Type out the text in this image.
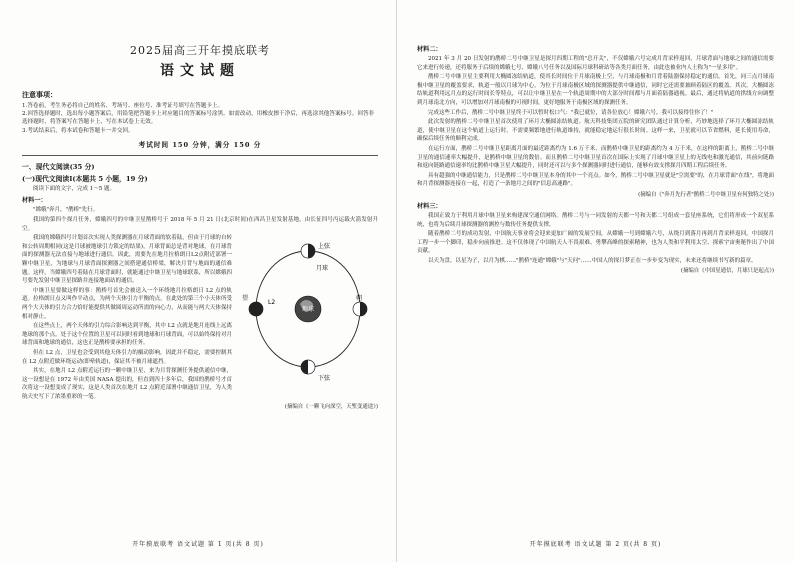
2025届高三开年摸底联考
语文试题
注意事项：

1.答卷前，考生务必将自己的姓名、考场号、座位号、准考证号填写在答题卡上。

2.回答选择题时，选出每小题答案后，用铅笔把答题卡上对应题目的答案标号涂黑。如需改动，用橡皮擦干净后，再选涂其他答案标号。回答非选择题时，将答案写在答题卡上，写在本试卷上无效。

3.考试结束后，将本试卷和答题卡一并交回。

考试时间 150 分钟，满分 150 分
一、现代文阅读(35 分)
(一)现代文阅读Ⅰ(本题共 5 小题，19 分)

阅读下面的文字，完成 1～5 题。

材料一：

"嫦娥"奔月，"鹊桥"先行。

我国的第四个探月任务，嫦娥四号的中继卫星鹊桥号于 2018 年 5 月 21 日(北京时间)在西昌卫星发射基地，由长征四号丙运载火箭发射升空。

地球
月球
L2
望	朔
上弦
下弦

我国的嫦娥四号计划首次实现人类探测器在月球背面的软着陆，但由于月球的自转和公转周期相同(这是月球被地球引力锁定的结果)，月球背面总是背对地球，在月球背面的探测器无法直接与地球进行通信。因此，需要先在地月拉格朗日L2点附近部署一颗中继卫星，为地球与月球背面探测器之间搭建通信桥梁，解决月背与地面的通信难题。这样，当嫦娥四号着陆在月球背面时，就能通过中继卫星与地球联系，所以嫦娥四号要先发射中继卫星探路并连接地面站的通信。

中继卫星要做这样的事：鹊桥号首先会被送入一个环绕地月拉格朗日 L2 点的轨道。拉格朗日点又叫作平动点，为两个天体引力平衡的点，在此处的第三个小天体所受两个大天体的引力合力恰好能提供其做圆周运动所需的向心力，从而能与两大天体保持相对静止。

在这些点上，两个天体的引力综合影响达到平衡，其中 L2 点就是地月连线上远离地球的那个点。处于这个位置的卫星可以同时看到地球和月球背面，可以始终保持对月球背面和地球的通信，这也正是鹊桥要承担的任务。

但在 L2 点，卫星也会受到其他天体引力的摄动影响，因此并不稳定，需要控制其在 L2 点附近做环绕运动(即晕轨道)，保证其不被月球遮挡。

其实，在地月 L2 点附近运行的一颗中继卫星，来为月背探测任务提供通信中继，这一设想是在 1972 年由美国 NASA 提出的，但直到四十多年后，我国的鹊桥号才首次将这一设想变成了现实，这是人类首次在地月 L2 点附近部署中继通信卫星，为人类航天史写下了浓墨重彩的一笔。

(摘编自《一颗飞向深空，天堑变通途》)
开年摸底联考 语文试题 第 1 页(共 8 页)
材料二：

2021 年 3 月 20 日发射的鹊桥二号中继卫星是探月四期工程的"总开关"，不仅嫦娥六号完成月背采样返回，月球背面与地球之间的通信需要它来进行传递，还将服务于后续的嫦娥七号、嫦娥八号任务以及国际月球科研站等各类月面任务，由此也被业内人士称为"一星多用"。

鹊桥二号中继卫星主要利用大椭圆冻结轨道，使其长时间位于月球南极上空，与月球南极和月背着陆器保持稳定的通信。首先，同三点月球南极中继卫星的覆盖要求，轨道一般以月球为中心，为位于月球南极区域的探测器提供中继通信，同时它还需要兼顾着陆区的覆盖。其次，大椭圆冻结轨道利用远月点的运行时间长等特点，可以让中继卫星在一个轨道周期中的大部分时间都与月面着陆器通视。最后，通过将轨道的拱线方向调整到月球南北方向，可以增加对月球南极的可视时间，更好地服务于南极区域的探测任务。

完成这些工作后，鹊桥二号中继卫星终于可以暂时松口气："我已就位，请各位放心！嫦娥六号，我可以接得住你了！"

此次发射的鹊桥二号中继卫星首次使用了环月大椭圆冻结轨道。航天科技集团五院的研究团队通过计算分析，巧妙地选择了环月大椭圆冻结轨道，使中继卫星在这个轨道上运行时，不需要频繁地进行轨道维持，就能稳定地运行很长时间。这样一来，卫星就可以节省燃料，延长使用寿命，确保后续任务的顺利完成。

在运行方面，鹊桥二号中继卫星距离月面的最近距离约为 1.6 万千米，而鹊桥中继卫星的距离约为 4 万千米，在这样的距离上，鹊桥二号中继卫星的通信速率大幅提升，是鹊桥中继卫星的数倍。而且鹊桥二号中继卫星首次在国际上实现了月球中继卫星上的无线电和激光通信，其前向链路和返向链路通信速率均比鹊桥中继卫星大幅提升，同时还可以与多个探测器同时进行通信，能够有效支撑探月四期工程后续任务。

具有超强的中继通信能力，只是鹊桥二号中继卫星本身的其中一个亮点。如今，鹊桥二号中继卫星就是"空需要"的，在月球背面"在线"，将地面和月背探测器连接在一起，打造了一条地月之间的"信息高速路"。

(摘编自《"奔月先行者"鹊桥二号中继卫星有何独特之处》)
材料三：

我国正致力于利用月球中继卫星来构建深空通信网络。鹊桥二号与一同发射的天都一号和天都二号组成一套星座系统，它们将形成一个双星系统，也将为后续月球探测器的测控与数传任务提供支撑。

随着鹊桥二号的成功发射，中国航天事业将会迎来更加广阔的发展空间，从嫦娥一号到嫦娥六号，从绕月到落月再到月背采样返回，中国探月工程一步一个脚印，稳步向前推进。这不仅体现了中国航天人不畏艰难、勇攀高峰的探索精神，也为人类和平利用太空、探索宇宙奥秘作出了中国贡献。

以天为盘，以星为子，以月为棋……"鹊桥"连通"嫦娥"与"天问"……中国人的探月梦正在一步步变为现实，未来还将继续书写新的篇章。

(摘编自《中国星通信，月球只是起点》)
开年摸底联考 语文试题 第 2 页(共 8 页)
